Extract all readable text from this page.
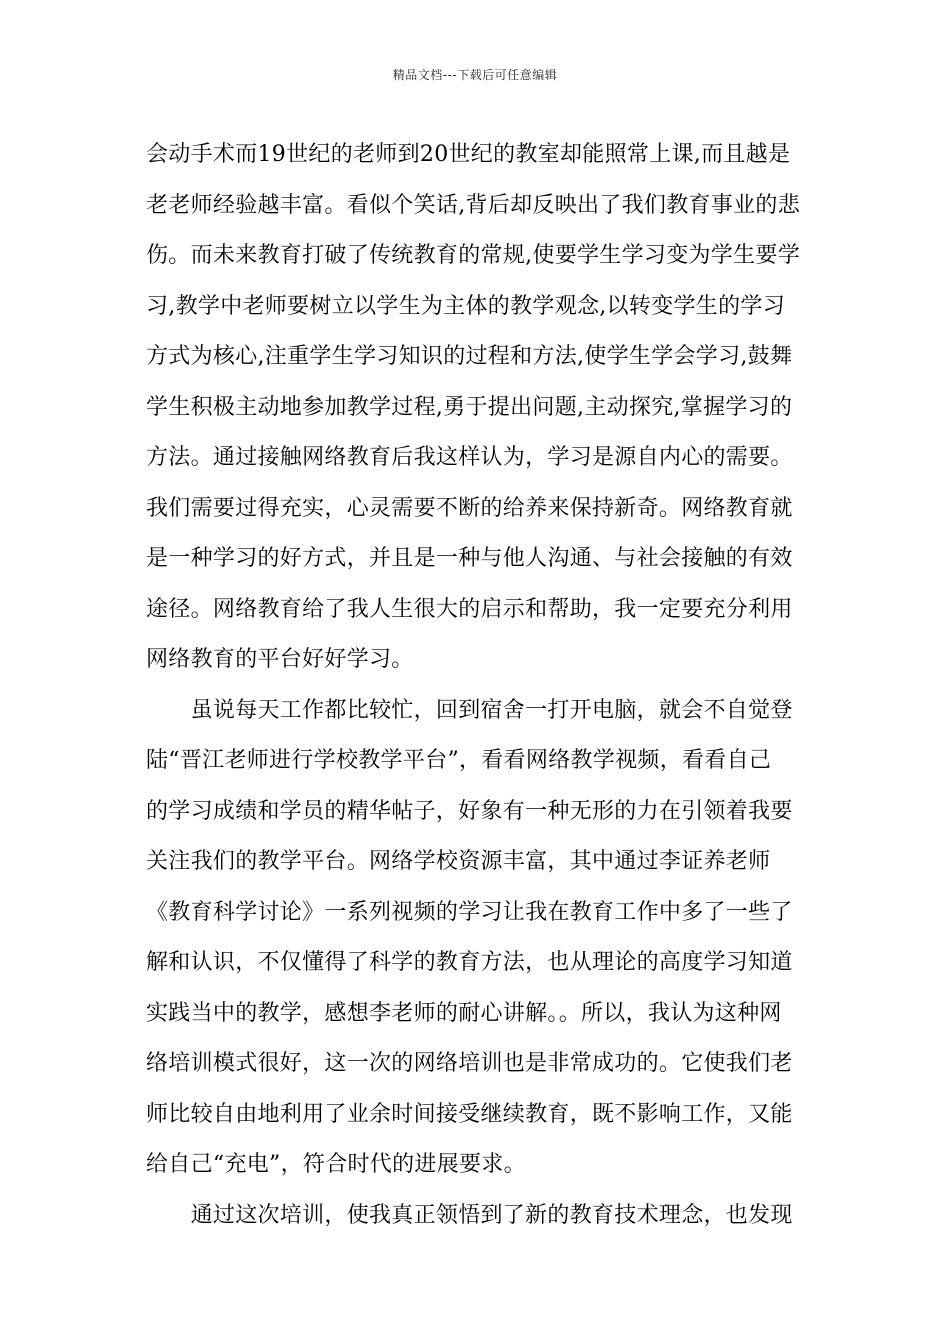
精品文档---下载后可任意编辑
会动手术而19世纪的老师到20世纪的教室却能照常上课,而且越是
老老师经验越丰富。看似个笑话,背后却反映出了我们教育事业的悲
伤。而未来教育打破了传统教育的常规,使要学生学习变为学生要学
习,教学中老师要树立以学生为主体的教学观念,以转变学生的学习
方式为核心,注重学生学习知识的过程和方法,使学生学会学习,鼓舞
学生积极主动地参加教学过程,勇于提出问题,主动探究,掌握学习的
方法。通过接触网络教育后我这样认为，学习是源自内心的需要。
我们需要过得充实，心灵需要不断的给养来保持新奇。网络教育就
是一种学习的好方式，并且是一种与他人沟通、与社会接触的有效
途径。网络教育给了我人生很大的启示和帮助，我一定要充分利用
网络教育的平台好好学习。
　　虽说每天工作都比较忙，回到宿舍一打开电脑，就会不自觉登
陆“晋江老师进行学校教学平台”，看看网络教学视频，看看自己
的学习成绩和学员的精华帖子，好象有一种无形的力在引领着我要
关注我们的教学平台。网络学校资源丰富，其中通过李证养老师
《教育科学讨论》一系列视频的学习让我在教育工作中多了一些了
解和认识，不仅懂得了科学的教育方法，也从理论的高度学习知道
实践当中的教学，感想李老师的耐心讲解。。所以，我认为这种网
络培训模式很好，这一次的网络培训也是非常成功的。它使我们老
师比较自由地利用了业余时间接受继续教育，既不影响工作，又能
给自己“充电”，符合时代的进展要求。
　　通过这次培训，使我真正领悟到了新的教育技术理念，也发现
